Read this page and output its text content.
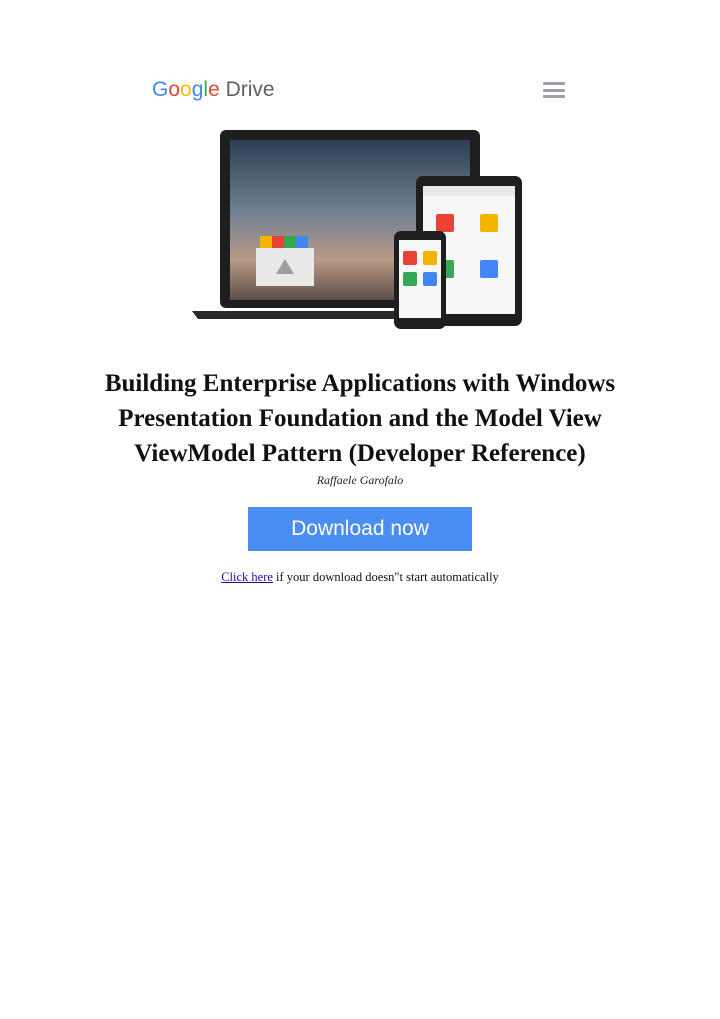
Google Drive
Building Enterprise Applications with Windows
Presentation Foundation and the Model View
ViewModel Pattern (Developer Reference)
Raffaele Garofalo
Download now
Click here if your download doesn"t start automatically
